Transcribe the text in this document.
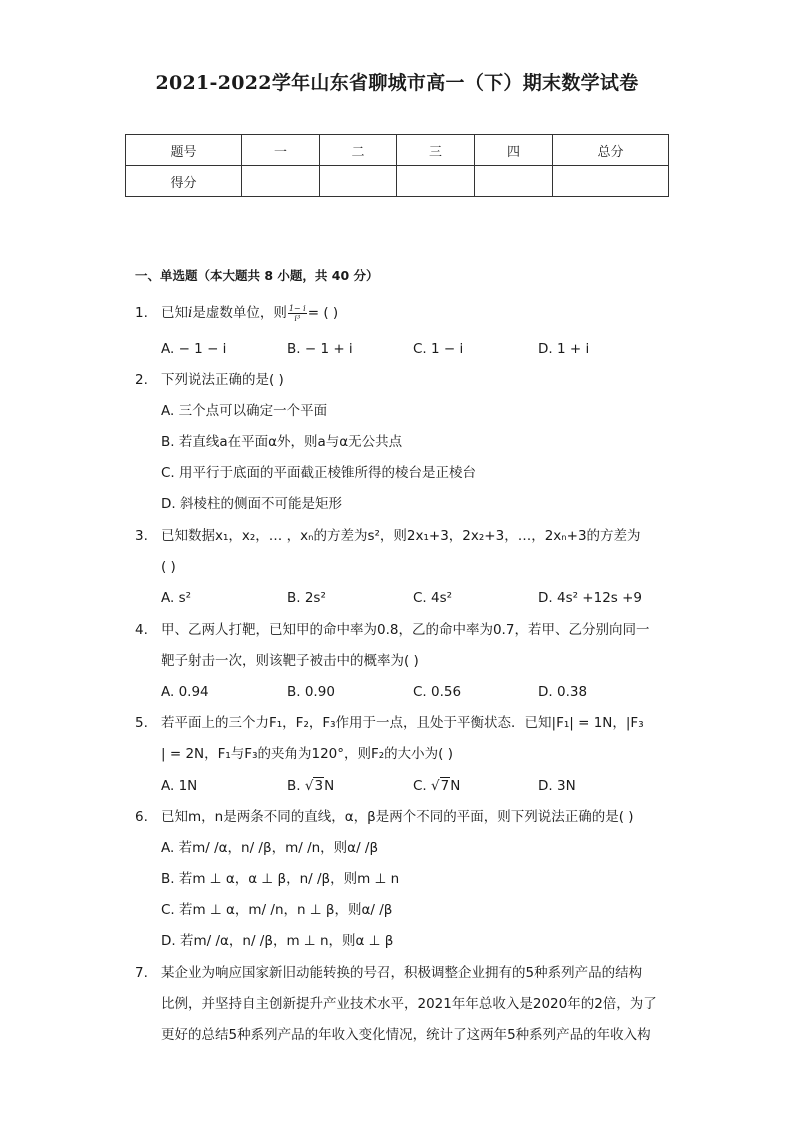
2021-2022学年山东省聊城市高一（下）期末数学试卷
题号	一	二	三	四	总分
得分					
一、单选题（本大题共 8 小题，共 40 分）
1. 已知i是虚数单位，则 $\frac{1- i}{\text{i³}}$ = ( )
A. − 1 − i	B. − 1 + i	C. 1 − i	D. 1 + i
2. 下列说法正确的是( )
A. 三个点可以确定一个平面
B. 若直线a在平面α外，则a与α无公共点
C. 用平行于底面的平面截正棱锥所得的棱台是正棱台
D. 斜棱柱的侧面不可能是矩形
3. 已知数据x₁，x₂，… ，xₙ的方差为s²，则2x₁+3，2x₂+3，…，2xₙ+3的方差为
( )
A. s²	B. 2s²	C. 4s²	D. 4s² +12s +9
4. 甲、乙两人打靶，已知甲的命中率为0.8，乙的命中率为0.7，若甲、乙分别向同一
靶子射击一次，则该靶子被击中的概率为( )
A. 0.94	B. 0.90	C. 0.56	D. 0.38
5. 若平面上的三个力F₁，F₂，F₃作用于一点，且处于平衡状态．已知|F₁| = 1N，|F₃
| = 2N，F₁与F₃的夹角为120°，则F₂的大小为( )
A. 1N	B. √3N	C. √7N	D. 3N
6. 已知m，n是两条不同的直线，α，β是两个不同的平面，则下列说法正确的是( )
A. 若m/ /α，n/ /β，m/ /n，则α/ /β
B. 若m ⊥ α，α ⊥ β，n/ /β，则m ⊥ n
C. 若m ⊥ α，m/ /n，n ⊥ β，则α/ /β
D. 若m/ /α，n/ /β，m ⊥ n，则α ⊥ β
7. 某企业为响应国家新旧动能转换的号召，积极调整企业拥有的5种系列产品的结构
比例，并坚持自主创新提升产业技术水平，2021年年总收入是2020年的2倍，为了
更好的总结5种系列产品的年收入变化情况，统计了这两年5种系列产品的年收入构
